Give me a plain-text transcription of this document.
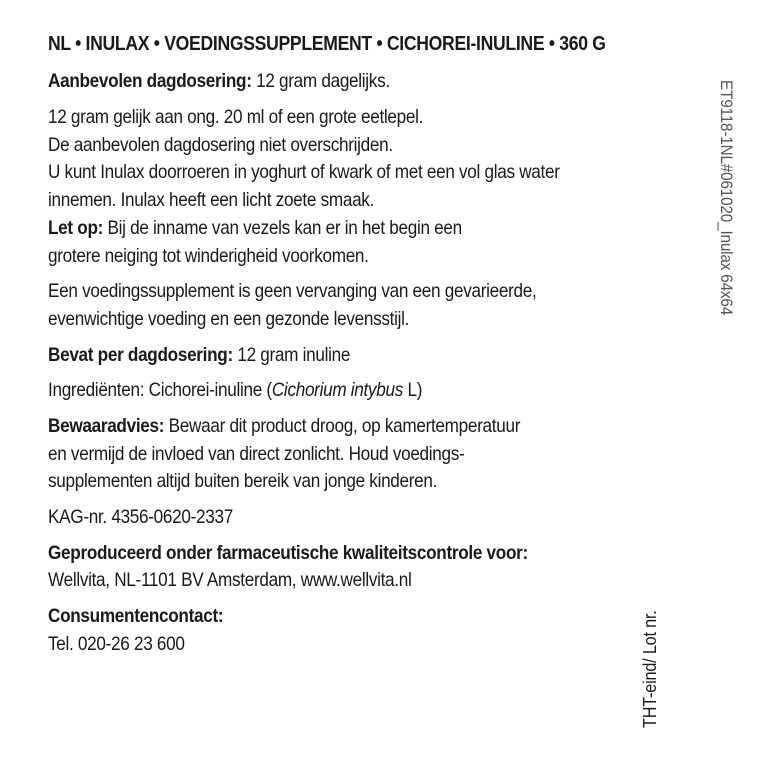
NL • INULAX • VOEDINGSSUPPLEMENT • CICHOREI-INULINE • 360 G
Aanbevolen dagdosering: 12 gram dagelijks.
12 gram gelijk aan ong. 20 ml of een grote eetlepel.
De aanbevolen dagdosering niet overschrijden.
U kunt Inulax doorroeren in yoghurt of kwark of met een vol glas water
innemen. Inulax heeft een licht zoete smaak.
Let op: Bij de inname van vezels kan er in het begin een
grotere neiging tot winderigheid voorkomen.
Een voedingssupplement is geen vervanging van een gevarieerde,
evenwichtige voeding en een gezonde levensstijl.
Bevat per dagdosering: 12 gram inuline
Ingrediënten: Cichorei-inuline (Cichorium intybus L)
Bewaaradvies: Bewaar dit product droog, op kamertemperatuur
en vermijd de invloed van direct zonlicht. Houd voedings-
supplementen altijd buiten bereik van jonge kinderen.
KAG-nr. 4356-0620-2337
Geproduceerd onder farmaceutische kwaliteitscontrole voor:
Wellvita, NL-1101 BV Amsterdam, www.wellvita.nl
Consumentencontact:
Tel. 020-26 23 600
ET9118-1NL#061020_Inulax 64x64
THT-eind/ Lot nr.
